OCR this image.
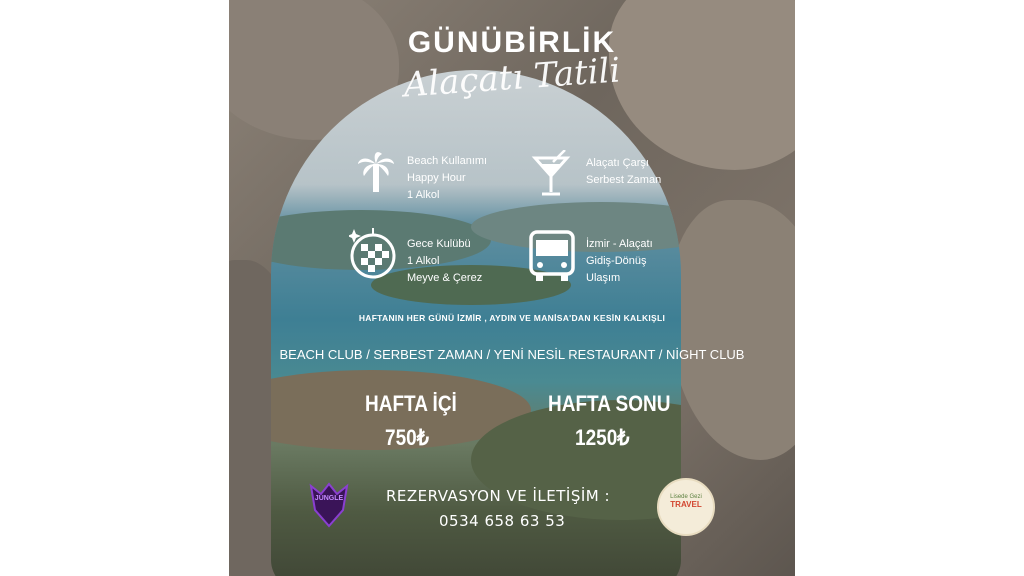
GÜNÜBİRLİK
Alaçatı Tatili
Beach Kullanımı
Happy Hour
1 Alkol
Alaçatı Çarşı
Serbest Zaman
Gece Kulübü
1 Alkol
Meyve & Çerez
İzmir - Alaçatı
Gidiş-Dönüş
Ulaşım
HAFTANIN HER GÜNÜ İZMİR , AYDIN VE MANİSA'DAN KESİN KALKIŞLI
BEACH CLUB / SERBEST ZAMAN / YENİ NESİL RESTAURANT / NİGHT CLUB
HAFTA İÇİ
750₺
HAFTA SONU
1250₺
REZERVASYON VE İLETİŞİM :
0534 658 63 53
JUNGLE	Lisede Gezi
TRAVEL
